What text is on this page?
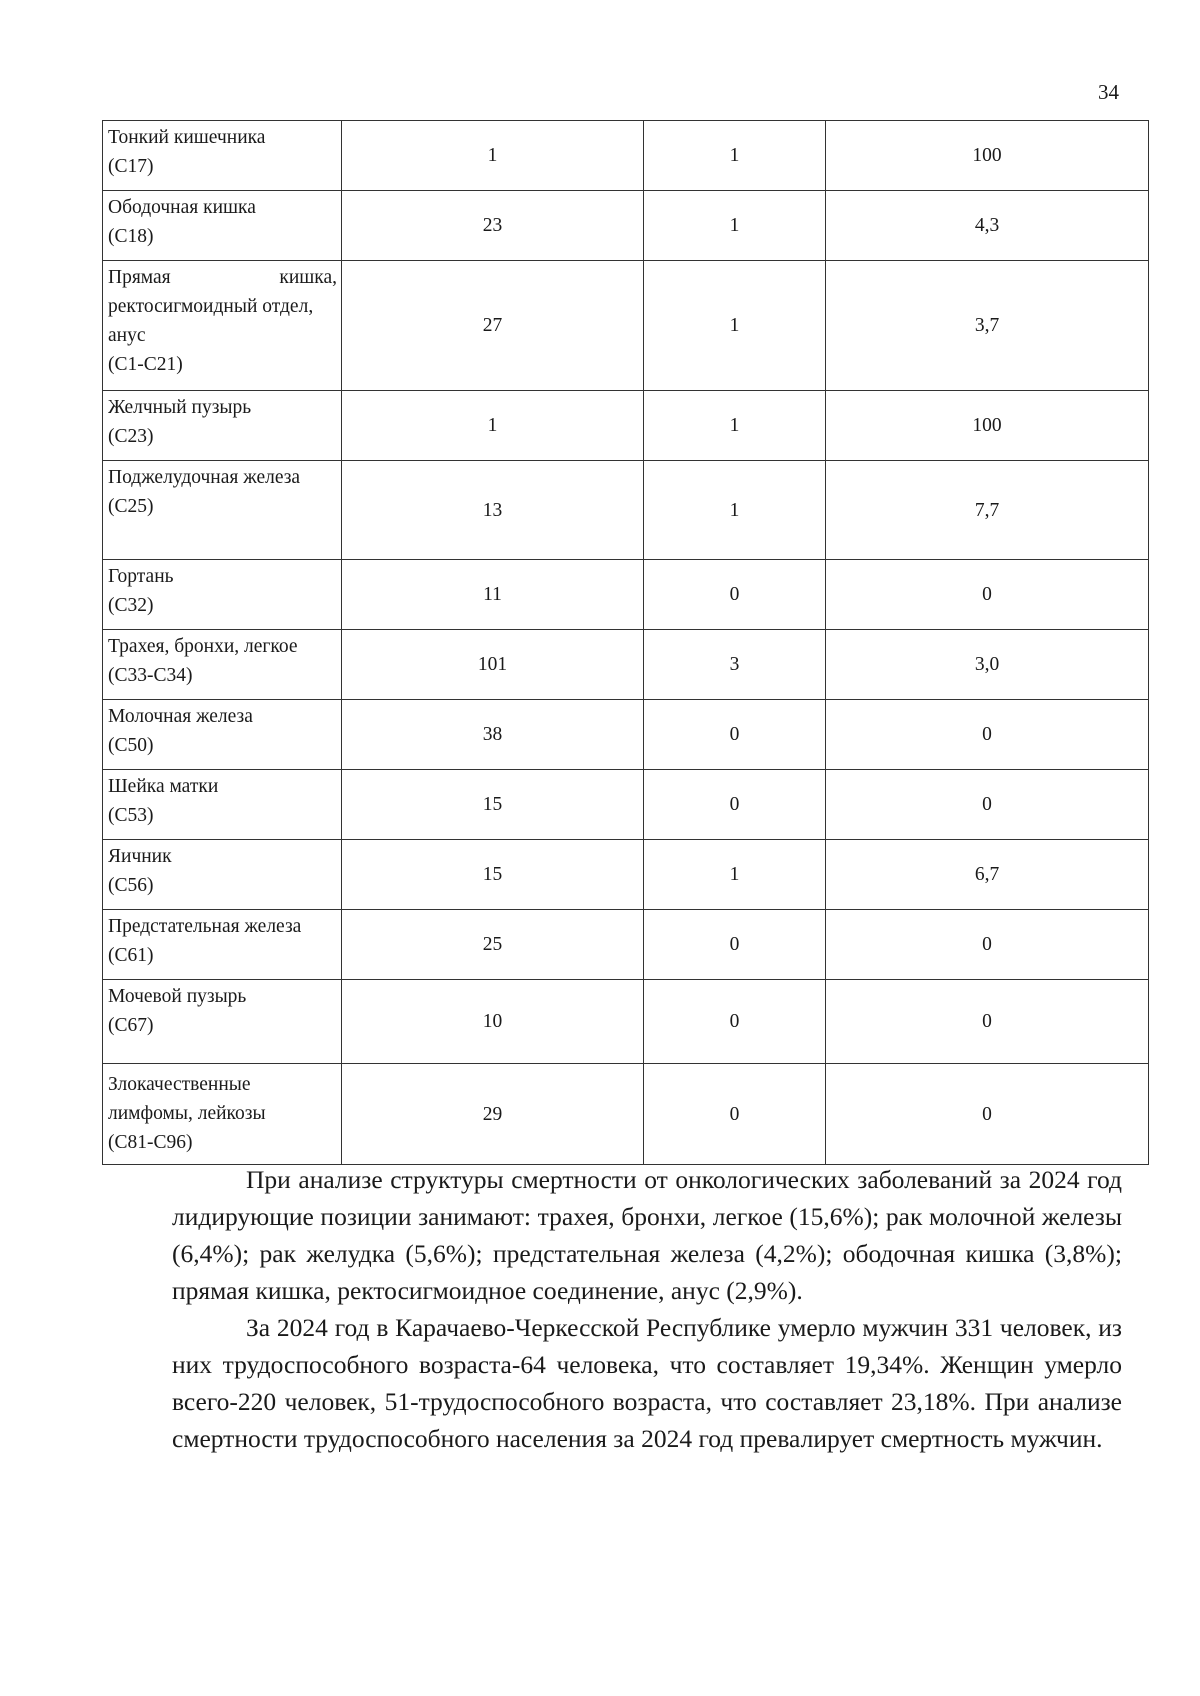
34
Тонкий кишечника
(С17)	1	1	100

Ободочная кишка
(С18)	23	1	4,3

Прямая кишка,
ректосигмоидный отдел, анус
(С1-С21)	27	1	3,7

Желчный пузырь
(С23)	1	1	100

Поджелудочная железа
(С25)	13	1	7,7

Гортань
(С32)	11	0	0

Трахея, бронхи, легкое
(С33-С34)	101	3	3,0

Молочная железа
(С50)	38	0	0

Шейка матки
(С53)	15	0	0

Яичник
(С56)	15	1	6,7

Предстательная железа
(С61)	25	0	0

Мочевой пузырь
(С67)	10	0	0

Злокачественные лимфомы, лейкозы
(С81-С96)	29	0	0

При анализе структуры смертности от онкологических заболеваний за 2024 год лидирующие позиции занимают: трахея, бронхи, легкое (15,6%); рак молочной железы (6,4%); рак желудка (5,6%); предстательная железа (4,2%); ободочная кишка (3,8%); прямая кишка, ректосигмоидное соединение, анус (2,9%).

За 2024 год в Карачаево-Черкесской Республике умерло мужчин 331 человек, из них трудоспособного возраста-64 человека, что составляет 19,34%. Женщин умерло всего-220 человек, 51-трудоспособного возраста, что составляет 23,18%. При анализе смертности трудоспособного населения за 2024 год превалирует смертность мужчин.
